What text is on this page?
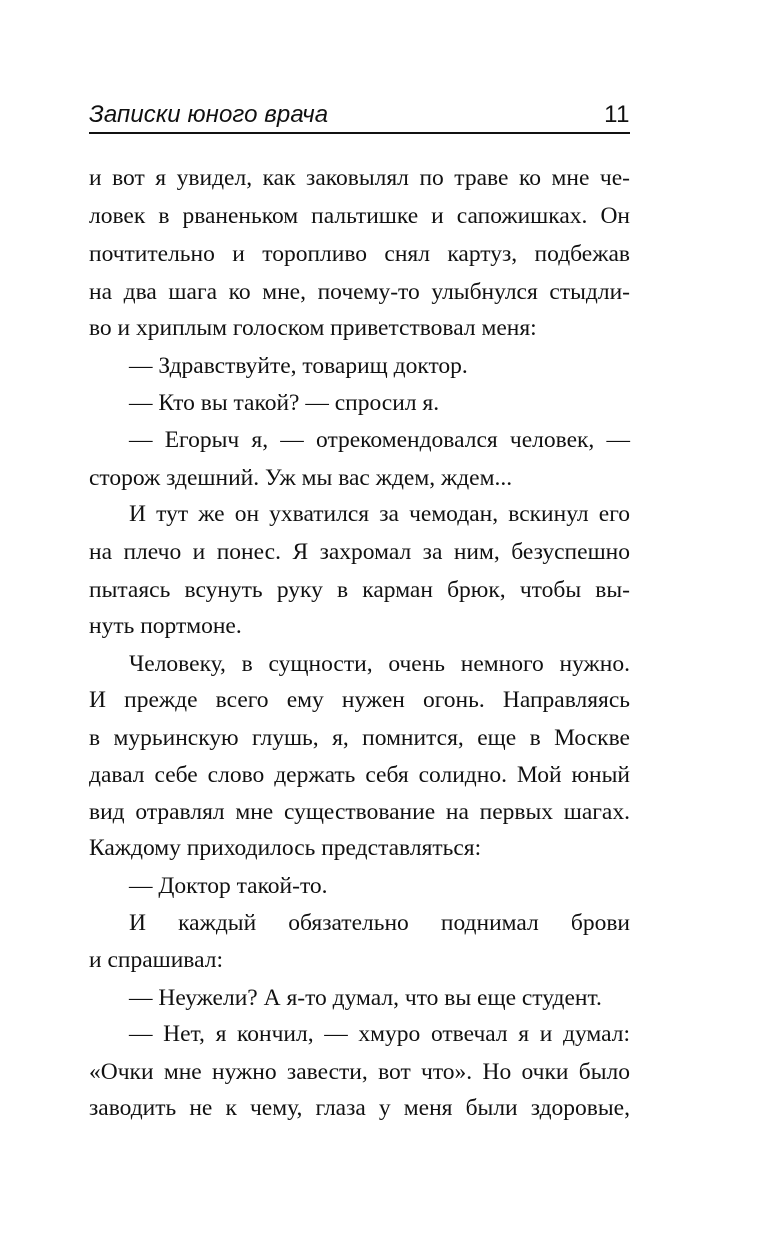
Записки юного врача	11
и вот я увидел, как заковылял по траве ко мне че-
ловек в рваненьком пальтишке и сапожишках. Он
почтительно и торопливо снял картуз, подбежав
на два шага ко мне, почему-то улыбнулся стыдли-
во и хриплым голоском приветствовал меня:
— Здравствуйте, товарищ доктор.
— Кто вы такой? — спросил я.
— Егорыч я, — отрекомендовался человек, —
сторож здешний. Уж мы вас ждем, ждем...
И тут же он ухватился за чемодан, вскинул его
на плечо и понес. Я захромал за ним, безуспешно
пытаясь всунуть руку в карман брюк, чтобы вы-
нуть портмоне.
Человеку, в сущности, очень немного нужно.
И прежде всего ему нужен огонь. Направляясь
в мурьинскую глушь, я, помнится, еще в Москве
давал себе слово держать себя солидно. Мой юный
вид отравлял мне существование на первых шагах.
Каждому приходилось представляться:
— Доктор такой-то.
И каждый обязательно поднимал брови
и спрашивал:
— Неужели? А я-то думал, что вы еще студент.
— Нет, я кончил, — хмуро отвечал я и думал:
«Очки мне нужно завести, вот что». Но очки было
заводить не к чему, глаза у меня были здоровые,
